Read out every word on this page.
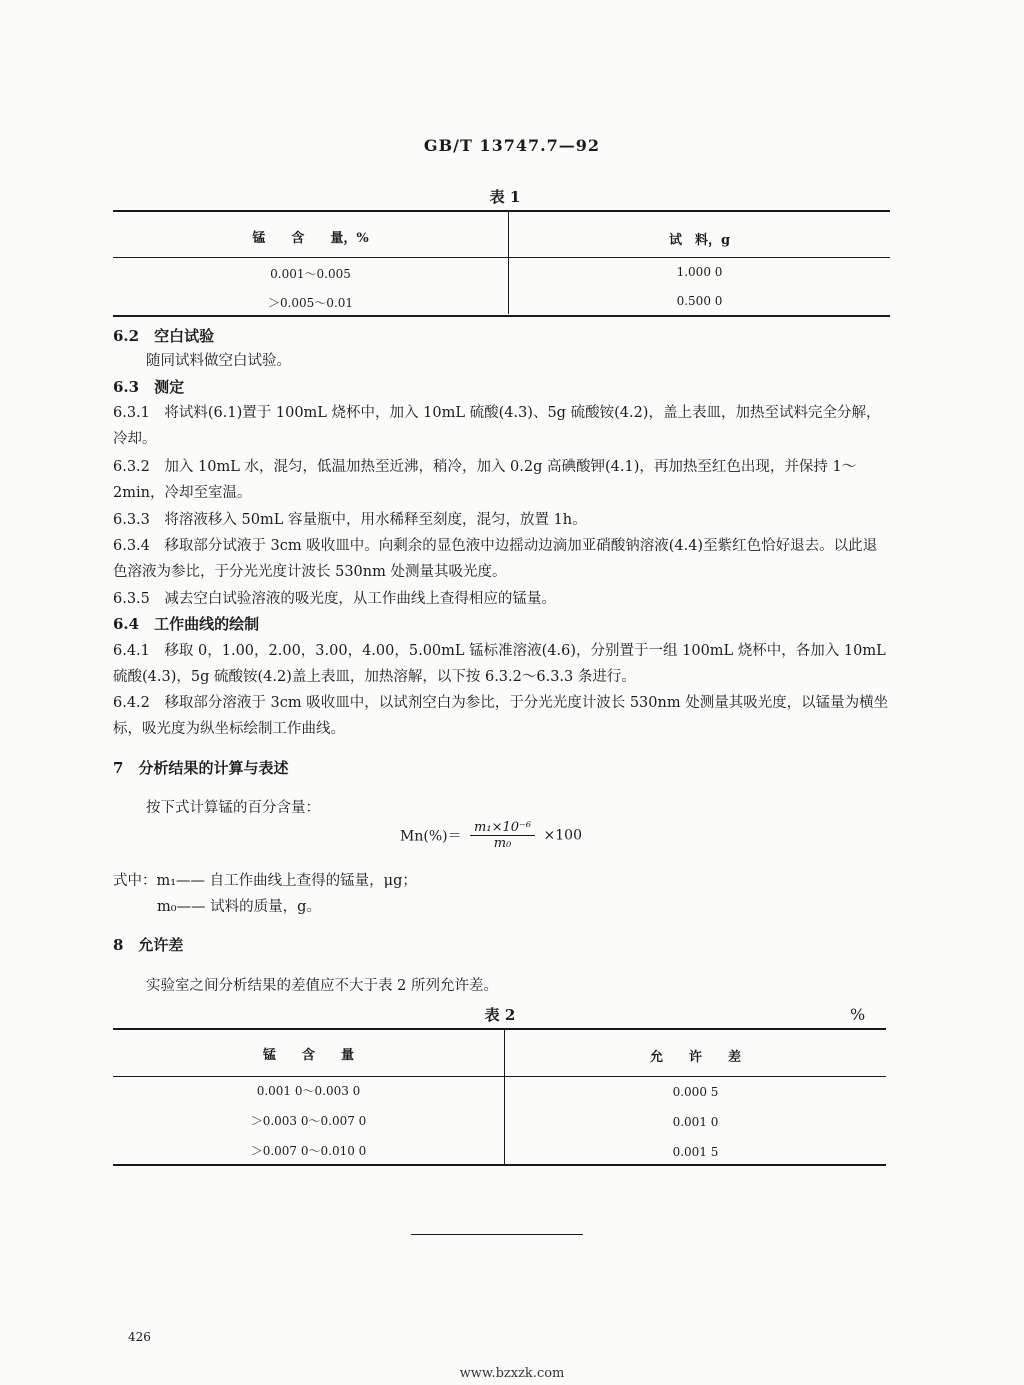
GB/T 13747.7—92
表 1
锰　　含　　量，%	试　料，g
0.001～0.005	1.000 0
＞0.005～0.01	0.500 0
6.2　空白试验
随同试料做空白试验。
6.3　测定
6.3.1　将试料(6.1)置于 100mL 烧杯中，加入 10mL 硫酸(4.3)、5g 硫酸铵(4.2)，盖上表皿，加热至试料完全分解，冷却。
6.3.2　加入 10mL 水，混匀，低温加热至近沸，稍冷，加入 0.2g 高碘酸钾(4.1)，再加热至红色出现，并保持 1～2min，冷却至室温。
6.3.3　将溶液移入 50mL 容量瓶中，用水稀释至刻度，混匀，放置 1h。
6.3.4　移取部分试液于 3cm 吸收皿中。向剩余的显色液中边摇动边滴加亚硝酸钠溶液(4.4)至紫红色恰好退去。以此退色溶液为参比，于分光光度计波长 530nm 处测量其吸光度。
6.3.5　减去空白试验溶液的吸光度，从工作曲线上查得相应的锰量。
6.4　工作曲线的绘制
6.4.1　移取 0，1.00，2.00，3.00，4.00，5.00mL 锰标准溶液(4.6)，分别置于一组 100mL 烧杯中，各加入 10mL 硫酸(4.3)，5g 硫酸铵(4.2)盖上表皿，加热溶解，以下按 6.3.2～6.3.3 条进行。
6.4.2　移取部分溶液于 3cm 吸收皿中，以试剂空白为参比，于分光光度计波长 530nm 处测量其吸光度，以锰量为横坐标，吸光度为纵坐标绘制工作曲线。
7　分析结果的计算与表述
按下式计算锰的百分含量：
$Mn(\%)= \frac{\text{m₁×10⁻⁶}}{\text{m₀}} \times 100$
式中：m₁—— 自工作曲线上查得的锰量，μg；
m₀—— 试料的质量，g。
8　允许差
实验室之间分析结果的差值应不大于表 2 所列允许差。
表 2	%
锰　　含　　量	允　　许　　差
0.001 0～0.003 0	0.000 5
＞0.003 0～0.007 0	0.001 0
＞0.007 0～0.010 0	0.001 5
426
www.bzxzk.com
